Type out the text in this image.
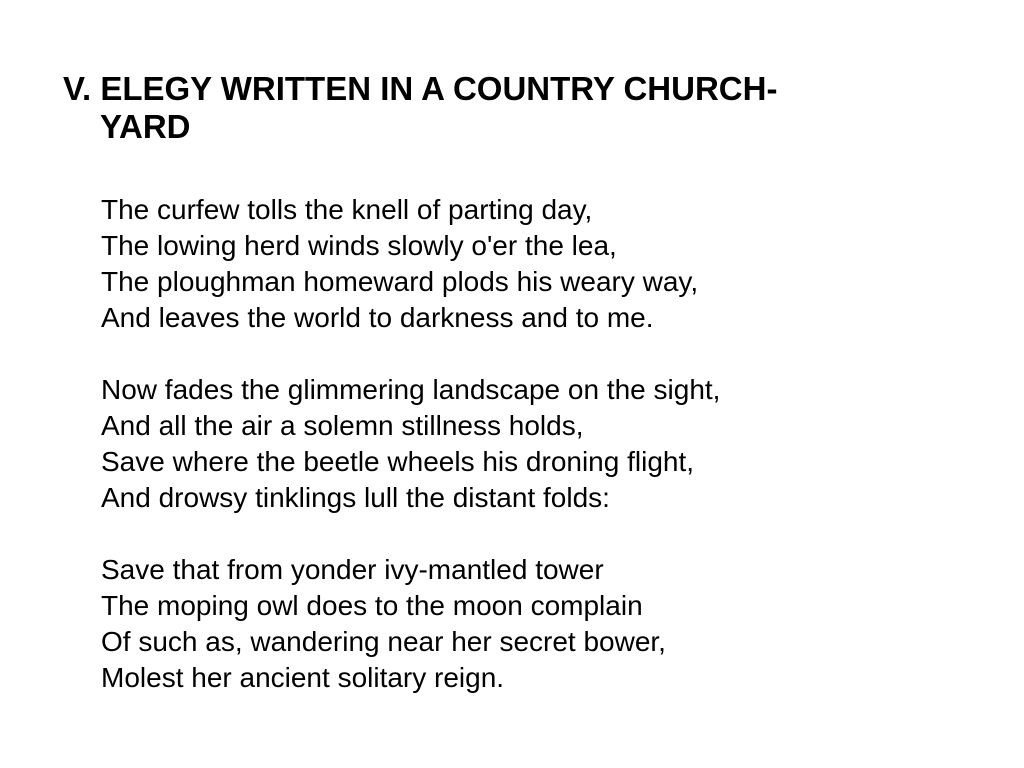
V. ELEGY WRITTEN IN A COUNTRY CHURCH-
YARD
The curfew tolls the knell of parting day,
The lowing herd winds slowly o'er the lea,
The ploughman homeward plods his weary way,
And leaves the world to darkness and to me.
Now fades the glimmering landscape on the sight,
And all the air a solemn stillness holds,
Save where the beetle wheels his droning flight,
And drowsy tinklings lull the distant folds:
Save that from yonder ivy-mantled tower
The moping owl does to the moon complain
Of such as, wandering near her secret bower,
Molest her ancient solitary reign.
